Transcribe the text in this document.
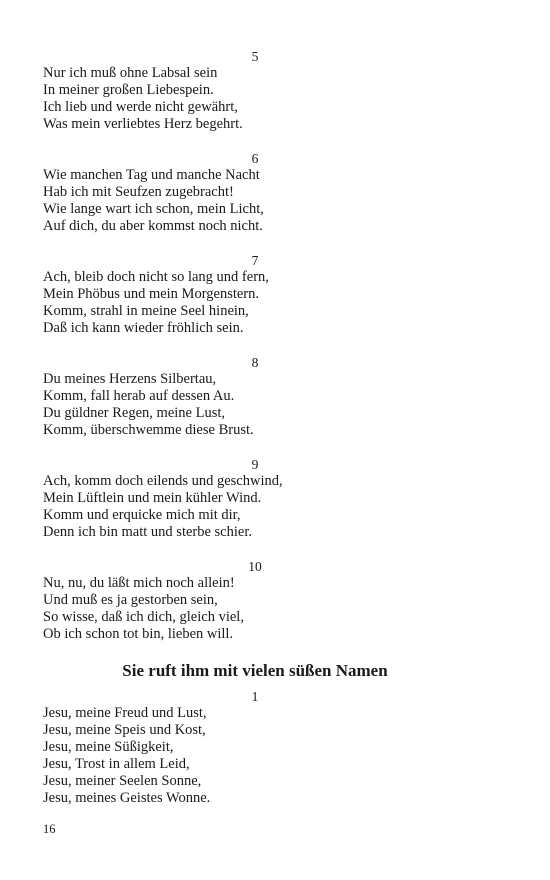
5
Nur ich muß ohne Labsal sein
In meiner großen Liebespein.
Ich lieb und werde nicht gewährt,
Was mein verliebtes Herz begehrt.
6
Wie manchen Tag und manche Nacht
Hab ich mit Seufzen zugebracht!
Wie lange wart ich schon, mein Licht,
Auf dich, du aber kommst noch nicht.
7
Ach, bleib doch nicht so lang und fern,
Mein Phöbus und mein Morgenstern.
Komm, strahl in meine Seel hinein,
Daß ich kann wieder fröhlich sein.
8
Du meines Herzens Silbertau,
Komm, fall herab auf dessen Au.
Du güldner Regen, meine Lust,
Komm, überschwemme diese Brust.
9
Ach, komm doch eilends und geschwind,
Mein Lüftlein und mein kühler Wind.
Komm und erquicke mich mit dir,
Denn ich bin matt und sterbe schier.
10
Nu, nu, du läßt mich noch allein!
Und muß es ja gestorben sein,
So wisse, daß ich dich, gleich viel,
Ob ich schon tot bin, lieben will.
Sie ruft ihm mit vielen süßen Namen
1
Jesu, meine Freud und Lust,
Jesu, meine Speis und Kost,
Jesu, meine Süßigkeit,
Jesu, Trost in allem Leid,
Jesu, meiner Seelen Sonne,
Jesu, meines Geistes Wonne.
16
